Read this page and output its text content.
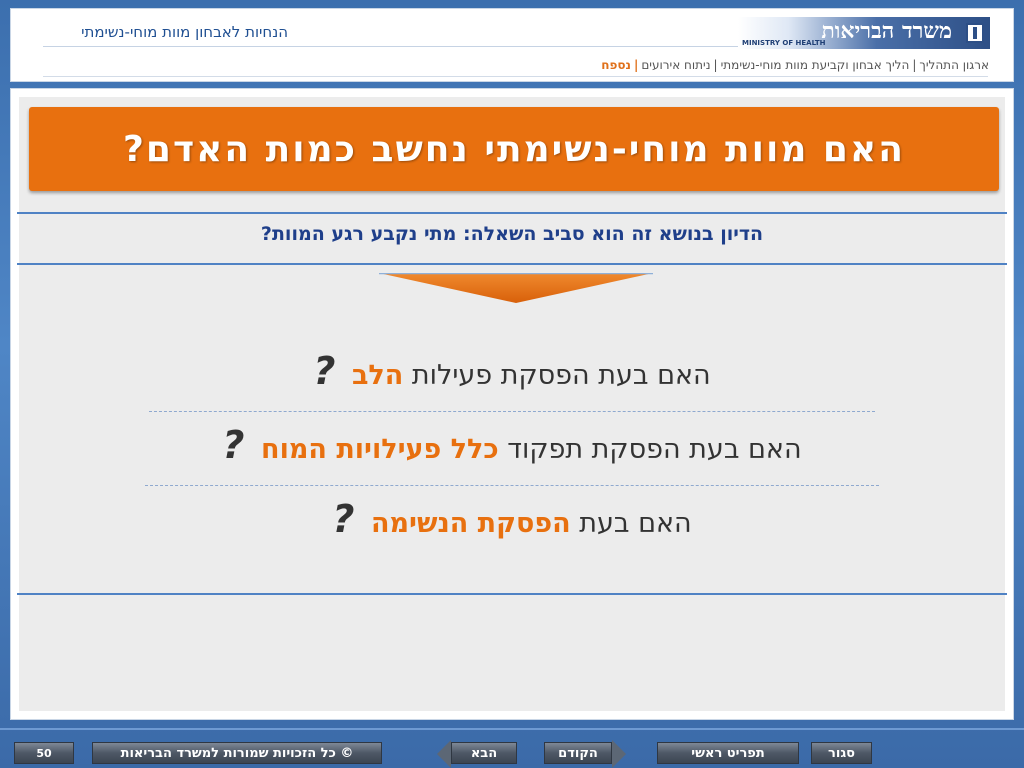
הנחיות לאבחון מוות מוחי-נשימתי	משרד הבריאות
MINISTRY OF HEALTH
ארגון התהליך|הליך אבחון וקביעת מוות מוחי-נשימתי|ניתוח אירועים|נספח
האם מוות מוחי-נשימתי נחשב כמות האדם?
הדיון בנושא זה הוא סביב השאלה: מתי נקבע רגע המוות?
האם בעת הפסקת פעילות הלב ?
האם בעת הפסקת תפקוד כלל פעילויות המוח ?
האם בעת הפסקת הנשימה ?
50	© כל הזכויות שמורות למשרד הבריאות	הבא	הקודם	תפריט ראשי	סגור
